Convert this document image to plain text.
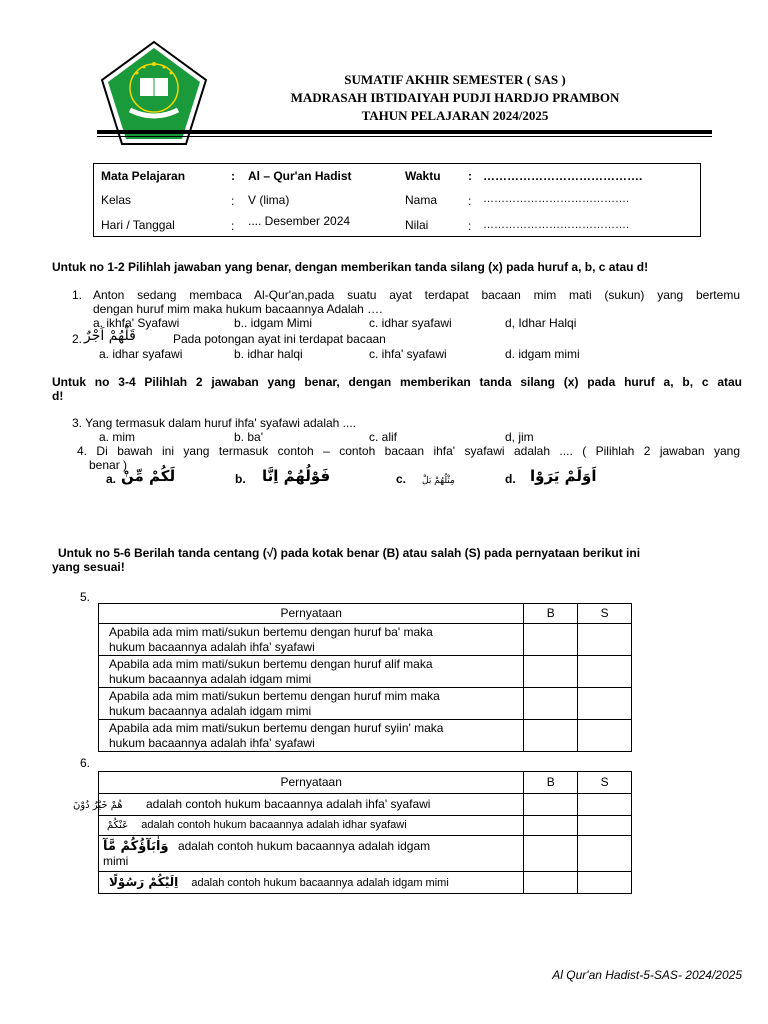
SUMATIF AKHIR SEMESTER ( SAS )
MADRASAH IBTIDAIYAH PUDJI HARDJO PRAMBON
TAHUN PELAJARAN 2024/2025
Mata Pelajaran	: Al – Qur'an Hadist	Waktu : ………………………………….
Kelas	: V (lima)	Nama	: ………………………………….
Hari / Tanggal	: .... Desember 2024	Nilai	: ………………………………….
Untuk no 1-2 Pilihlah jawaban yang benar, dengan memberikan tanda silang (x) pada huruf a, b, c atau d!
1. Anton sedang membaca Al-Qur'an,pada suatu ayat terdapat bacaan mim mati (sukun) yang bertemu
dengan huruf mim maka hukum bacaannya Adalah ….
a. ikhfa' Syafawi	b.. idgam Mimi	c. idhar syafawi	d, Idhar Halqi
2. قَلْهُمْ اَجْرٌ	Pada potongan ayat ini terdapat bacaan
a. idhar syafawi	b. idhar halqi	c. ihfa' syafawi	d. idgam mimi
Untuk no 3-4 Pilihlah 2 jawaban yang benar, dengan memberikan tanda silang (x) pada huruf a, b, c atau
d!
3. Yang termasuk dalam huruf ihfa' syafawi adalah ....
a. mim	b. ba'	c. alif	d, jim
4. Di bawah ini yang termasuk contoh – contoh bacaan ihfa' syafawi adalah .... ( Pilihlah 2 jawaban yang
benar )
a. لَكُمْ مِّنْ	b. فَوْلُهُمْ اِنَّا	c. مِثْلُهُمْ بَلْ	d. اَوَلَمْ يَرَوْا
Untuk no 5-6 Berilah tanda centang (√) pada kotak benar (B) atau salah (S) pada pernyataan berikut ini
yang sesuai!
5.
Pernyataan	B	S
Apabila ada mim mati/sukun bertemu dengan huruf ba' maka
hukum bacaannya adalah ihfa' syafawi		
Apabila ada mim mati/sukun bertemu dengan huruf alif maka
hukum bacaannya adalah idgam mimi		
Apabila ada mim mati/sukun bertemu dengan huruf mim maka
hukum bacaannya adalah idgam mimi		
Apabila ada mim mati/sukun bertemu dengan huruf syiin' maka
hukum bacaannya adalah ihfa' syafawi		
6.
Pernyataan	B	S
هُمْ خَيْرٌ دُوْنَ adalah contoh hukum bacaannya adalah ihfa' syafawi		
عَنْكُمْ adalah contoh hukum bacaannya adalah idhar syafawi		
وَاٰبَآؤُكُمْ مَّآ adalah contoh hukum bacaannya adalah idgam
mimi		
اِلَيْكُمْ رَسُوْلًا adalah contoh hukum bacaannya adalah idgam mimi		
Al Qur'an Hadist-5-SAS- 2024/2025
